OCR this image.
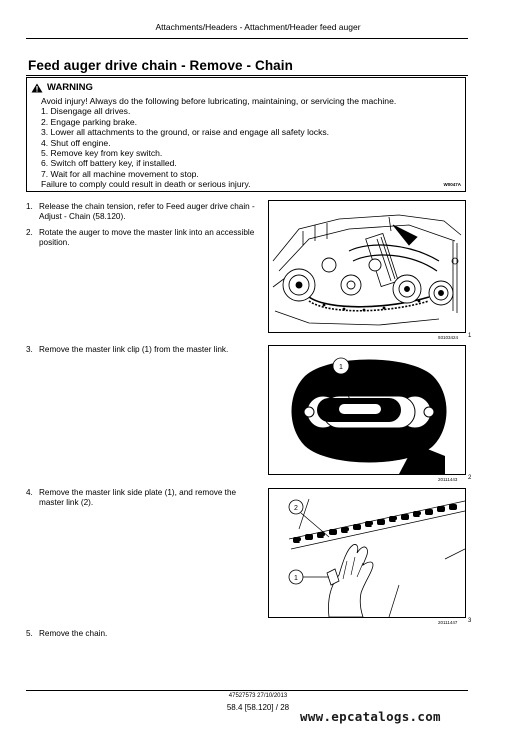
Attachments/Headers - Attachment/Header feed auger
Feed auger drive chain - Remove - Chain
WARNING
Avoid injury! Always do the following before lubricating, maintaining, or servicing the machine.
1. Disengage all drives.
2. Engage parking brake.
3. Lower all attachments to the ground, or raise and engage all safety locks.
4. Shut off engine.
5. Remove key from key switch.
6. Switch off battery key, if installed.
7. Wait for all machine movement to stop.
Failure to comply could result in death or serious injury.	W0047A
1. Release the chain tension, refer to Feed auger drive chain - Adjust - Chain (58.120).
2. Rotate the auger to move the master link into an accessible position.
3. Remove the master link clip (1) from the master link.
4. Remove the master link side plate (1), and remove the master link (2).
5. Remove the chain.
93103424 1
1
20111443 2
2
1
20111447 3
47527573 27/10/2013
58.4 [58.120] / 28
www.epcatalogs.com
